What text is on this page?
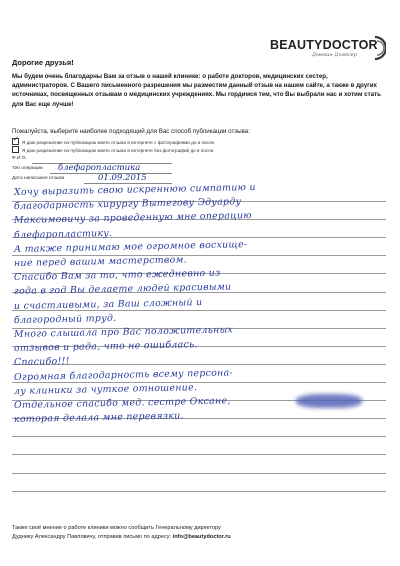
BEAUTYDOCTOR
Дьюкин Дъяксер
Дорогие друзья!
Мы будем очень благодарны Вам за отзыв о нашей клинике: о работе докторов, медицинских сестер, администраторов. С Вашего письменного разрешения мы разместим данный отзыв на нашем сайте, а также в других источниках, посвященных отзывам о медицинских учреждениях. Мы гордимся тем, что Вы выбрали нас и хотим стать для Вас еще лучше!
Пожалуйста, выберите наиболее подходящий для Вас способ публикации отзыва:
✓ Я даю разрешение на публикацию моего отзыва в интернете с фотографиями до и после.
Я даю разрешение на публикацию моего отзыва в интернете без фотографий до и после.
Ф.И.О.
Тип операции блефаропластика
Дата написания отзыва	01.09.2015
Хочу выразить свою искреннюю симпатию и
благодарность хирургу Вытегову Эдуарду
Максимовичу за проведенную мне операцию
блефаропластику.
А также принимаю мое огромное восхище-
ние перед вашим мастерством.
Спасибо Вам за то, что ежедневно из
года в год Вы делаете людей красивыми
и счастливыми, за Ваш сложный и
благородный труд.
Много слышала про Вас положительных
отзывов и рада, что не ошиблась.
Спасибо!!!
Огромная благодарность всему персона-
лу клиники за чуткое отношение.
Отдельное спасибо мед. сестре Оксане,
которая делала мне перевязки.
Также своё мнение о работе клиники можно сообщить Генеральному директору
Дуднику Александру Павловичу, отправив письмо по адресу: info@beautydoctor.ru
